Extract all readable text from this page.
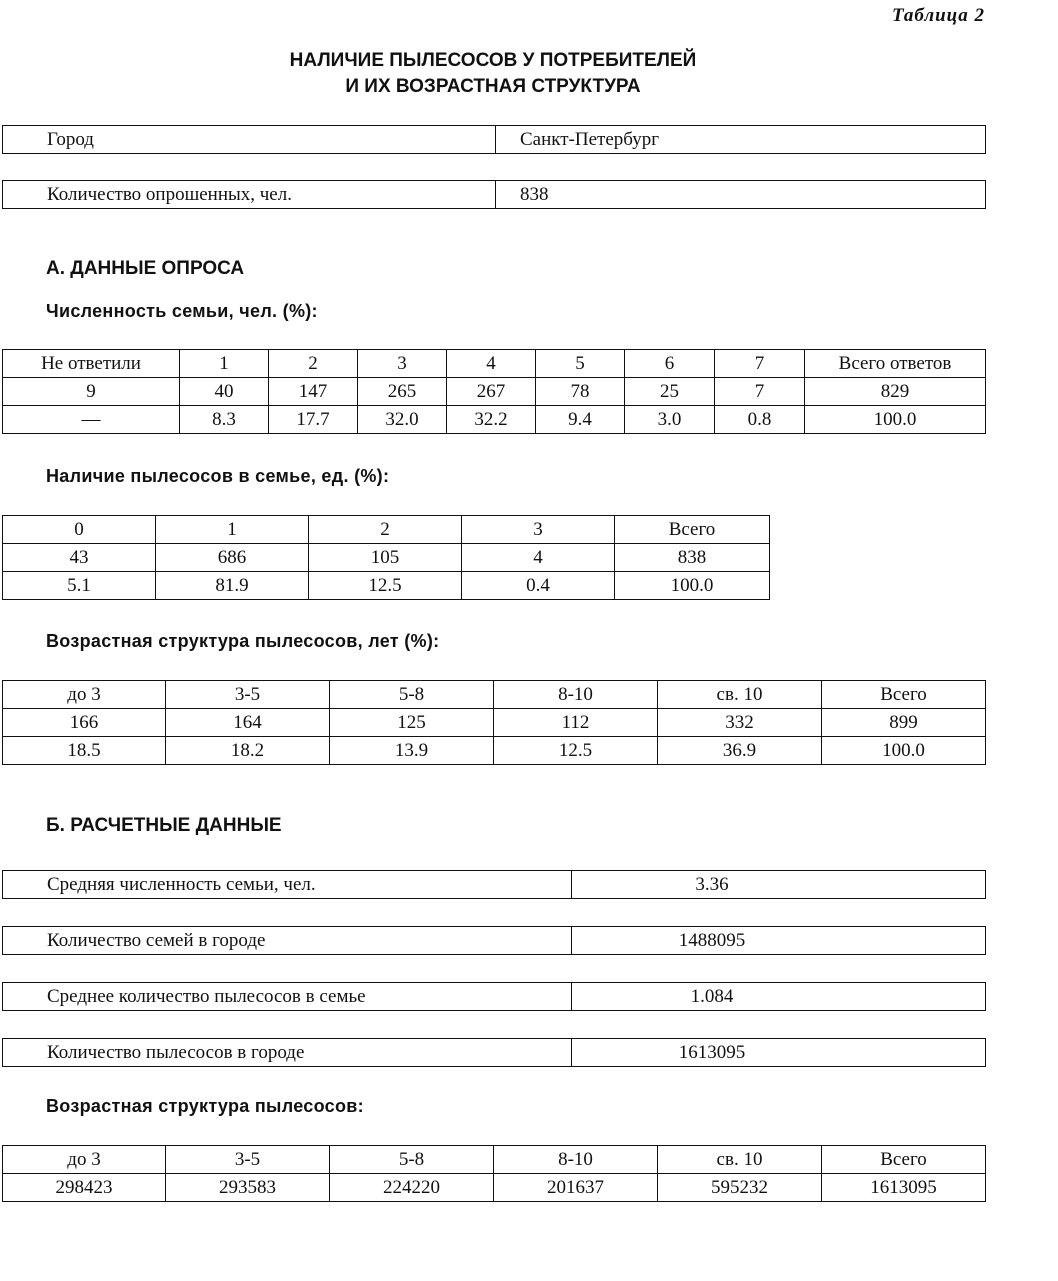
Таблица 2
НАЛИЧИЕ ПЫЛЕСОСОВ У ПОТРЕБИТЕЛЕЙ
И ИХ ВОЗРАСТНАЯ СТРУКТУРА
Город	Санкт-Петербург
Количество опрошенных, чел.	838
А. ДАННЫЕ ОПРОСА
Численность семьи, чел. (%):
Не ответили	1	2	3	4	5	6	7	Всего ответов
9	40	147	265	267	78	25	7	829
—	8.3	17.7	32.0	32.2	9.4	3.0	0.8	100.0
Наличие пылесосов в семье, ед. (%):
0	1	2	3	Всего
43	686	105	4	838
5.1	81.9	12.5	0.4	100.0
Возрастная структура пылесосов, лет (%):
до 3	3-5	5-8	8-10	св. 10	Всего
166	164	125	112	332	899
18.5	18.2	13.9	12.5	36.9	100.0
Б. РАСЧЕТНЫЕ ДАННЫЕ
Средняя численность семьи, чел.	3.36
Количество семей в городе	1488095
Среднее количество пылесосов в семье	1.084
Количество пылесосов в городе	1613095
Возрастная структура пылесосов:
до 3	3-5	5-8	8-10	св. 10	Всего
298423	293583	224220	201637	595232	1613095
